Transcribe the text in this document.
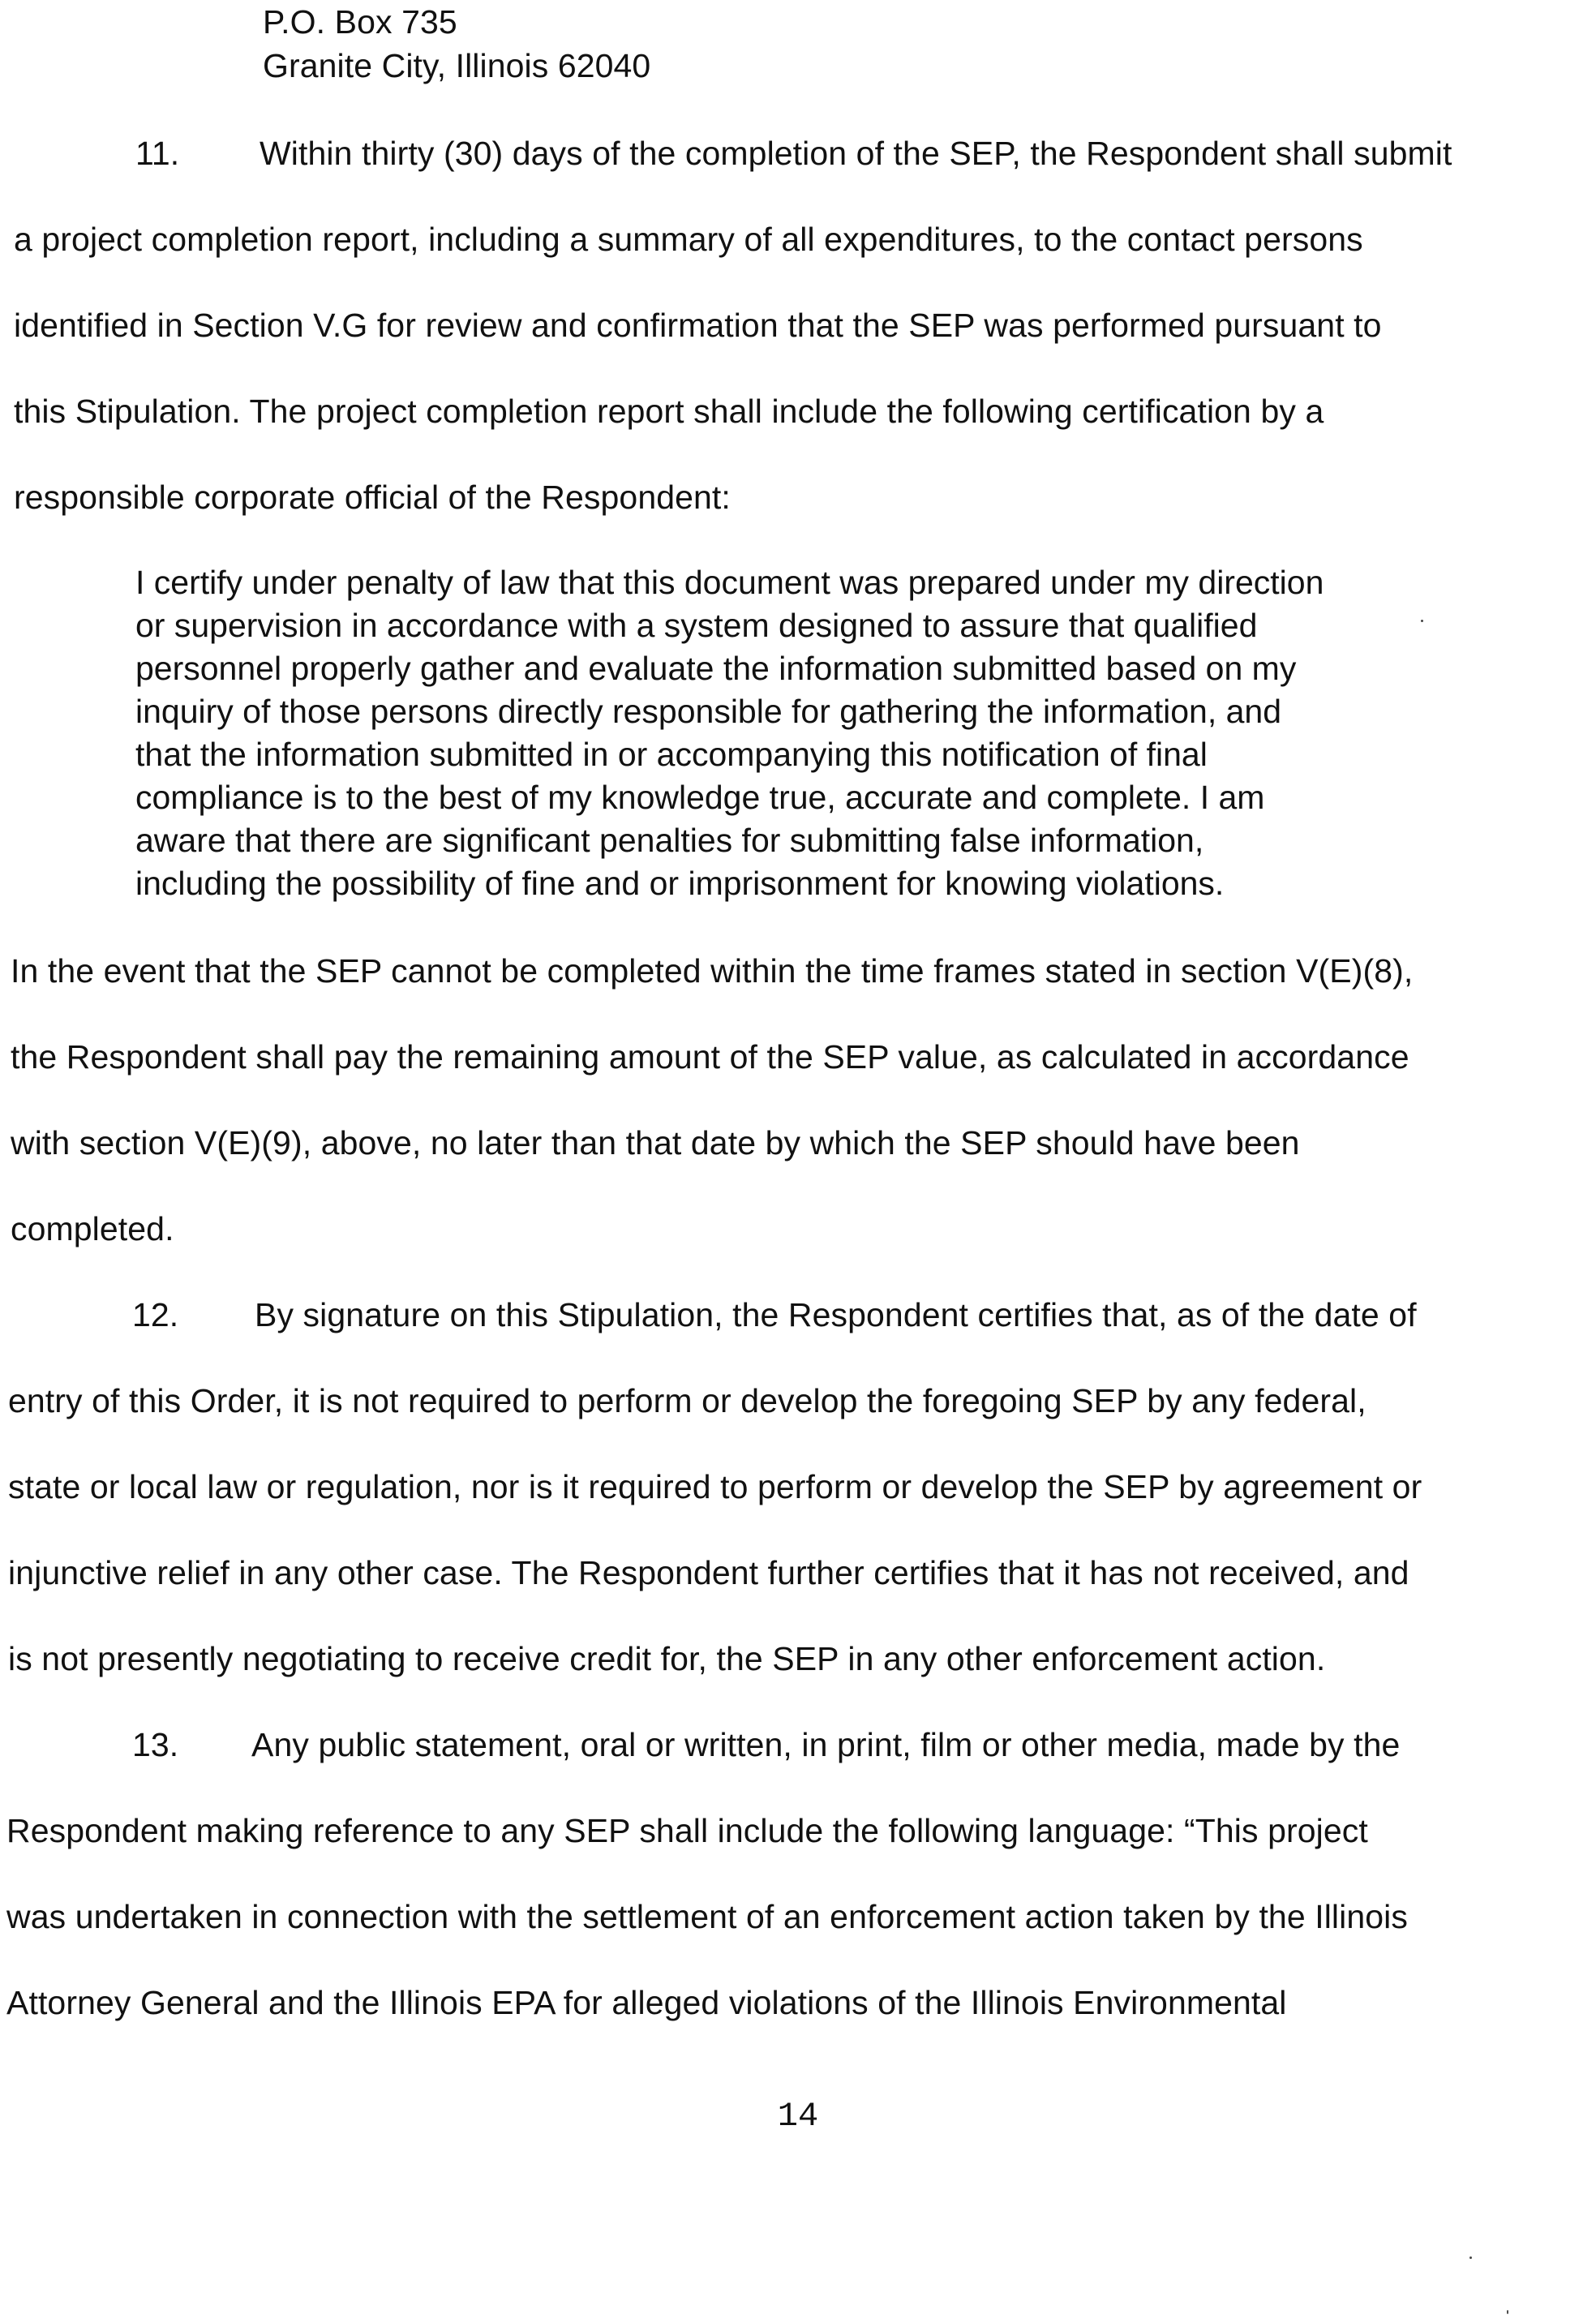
P.O. Box 735
Granite City, Illinois 62040
11. Within thirty (30) days of the completion of the SEP, the Respondent shall submit
a project completion report, including a summary of all expenditures, to the contact persons
identified in Section V.G for review and confirmation that the SEP was performed pursuant to
this Stipulation. The project completion report shall include the following certification by a
responsible corporate official of the Respondent:
I certify under penalty of law that this document was prepared under my direction
or supervision in accordance with a system designed to assure that qualified
personnel properly gather and evaluate the information submitted based on my
inquiry of those persons directly responsible for gathering the information, and
that the information submitted in or accompanying this notification of final
compliance is to the best of my knowledge true, accurate and complete. I am
aware that there are significant penalties for submitting false information,
including the possibility of fine and or imprisonment for knowing violations.
In the event that the SEP cannot be completed within the time frames stated in section V(E)(8),
the Respondent shall pay the remaining amount of the SEP value, as calculated in accordance
with section V(E)(9), above, no later than that date by which the SEP should have been
completed.
12. By signature on this Stipulation, the Respondent certifies that, as of the date of
entry of this Order, it is not required to perform or develop the foregoing SEP by any federal,
state or local law or regulation, nor is it required to perform or develop the SEP by agreement or
injunctive relief in any other case. The Respondent further certifies that it has not received, and
is not presently negotiating to receive credit for, the SEP in any other enforcement action.
13. Any public statement, oral or written, in print, film or other media, made by the
Respondent making reference to any SEP shall include the following language: “This project
was undertaken in connection with the settlement of an enforcement action taken by the Illinois
Attorney General and the Illinois EPA for alleged violations of the Illinois Environmental
14
